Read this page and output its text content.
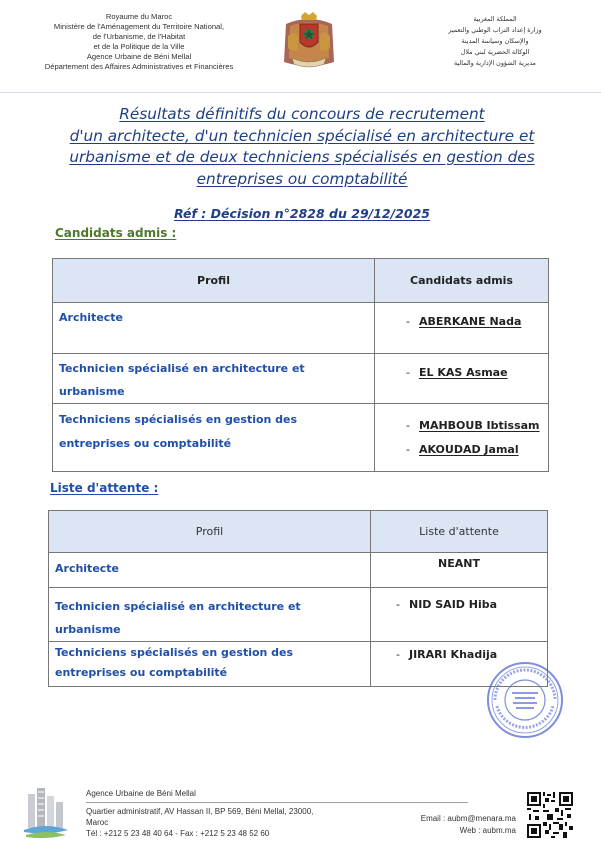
Royaume du Maroc
Ministère de l'Aménagement du Territoire National,
de l'Urbanisme, de l'Habitat
et de la Politique de la Ville
Agence Urbaine de Béni Mellal
Département des Affaires Administratives et Financières
المملكة المغربية
وزارة إعداد التراب الوطني والتعمير
والإسكان وسياسة المدينة
الوكالة الحضرية لبني ملال
مديرية الشؤون الإدارية والمالية
Résultats définitifs du concours de recrutement
d'un architecte, d'un technicien spécialisé en architecture et
urbanisme et de deux techniciens spécialisés en gestion des
entreprises ou comptabilité
Réf : Décision n°2828 du 29/12/2025
Candidats admis :
Profil	Candidats admis

Architecte	- ABERKANE Nada

Technicien spécialisé en architecture et urbanisme	- EL KAS Asmae

Techniciens spécialisés en gestion des entreprises ou comptabilité	- MAHBOUB Ibtissam
- AKOUDAD Jamal
Liste d'attente :
Profil	Liste d'attente

Architecte	NEANT

Technicien spécialisé en architecture et urbanisme	- NID SAID Hiba

Techniciens spécialisés en gestion des entreprises ou comptabilité	- JIRARI Khadija
Agence Urbaine de Béni Mellal
Quartier administratif, AV Hassan II, BP 569, Béni Mellal, 23000,
Maroc
Tél : +212 5 23 48 40 64 - Fax : +212 5 23 48 52 60
Email : aubm@menara.ma
Web : aubm.ma
